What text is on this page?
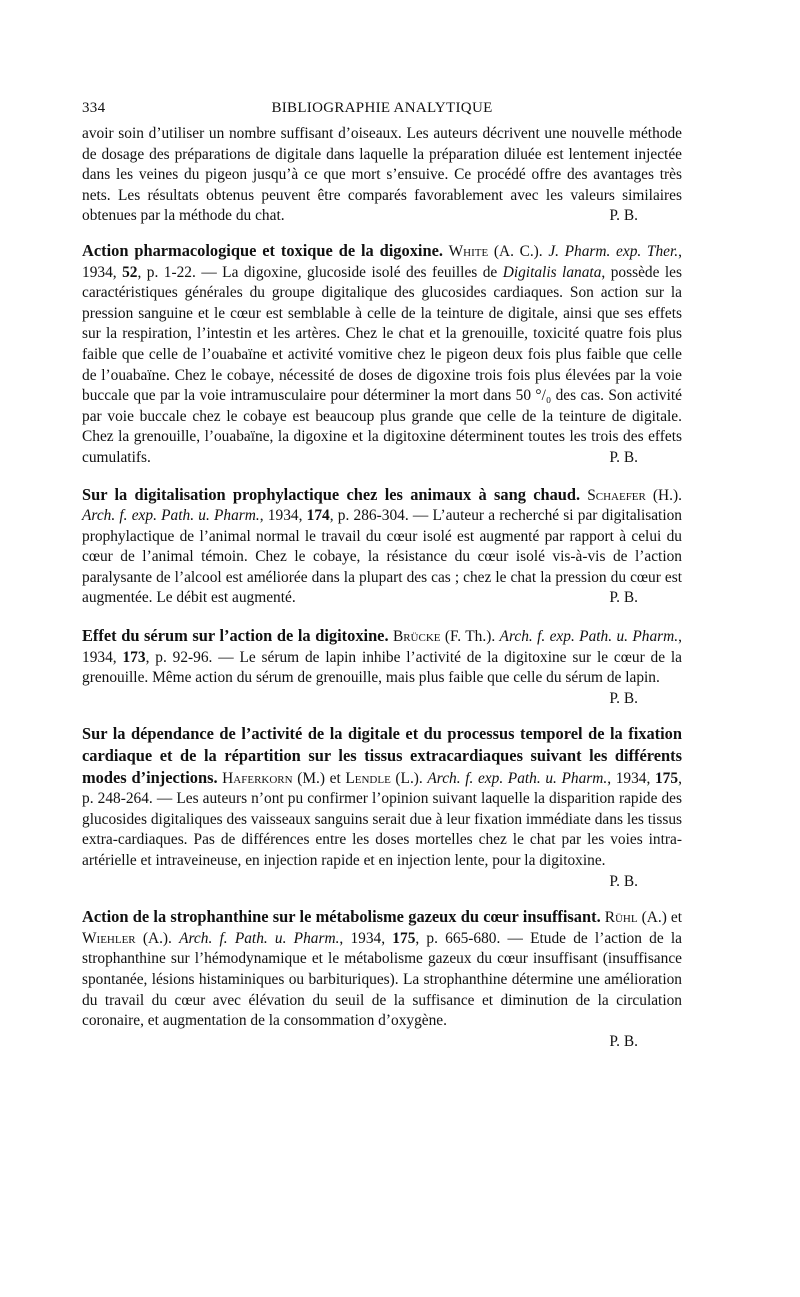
334	BIBLIOGRAPHIE ANALYTIQUE

avoir soin d’utiliser un nombre suffisant d’oiseaux. Les auteurs décrivent une nouvelle méthode de dosage des préparations de digitale dans laquelle la préparation diluée est lentement injectée dans les veines du pigeon jusqu’à ce que mort s’ensuive. Ce procédé offre des avantages très nets. Les résultats obtenus peuvent être comparés favorablement avec les valeurs similaires obtenues par la méthode du chat.	P. B.

Action pharmacologique et toxique de la digoxine. White (A. C.). J. Pharm. exp. Ther., 1934, 52, p. 1-22. — La digoxine, glucoside isolé des feuilles de Digitalis lanata, possède les caractéristiques générales du groupe digitalique des glucosides cardiaques. Son action sur la pression sanguine et le cœur est semblable à celle de la teinture de digitale, ainsi que ses effets sur la respiration, l’intestin et les artères. Chez le chat et la grenouille, toxicité quatre fois plus faible que celle de l’ouabaïne et activité vomitive chez le pigeon deux fois plus faible que celle de l’ouabaïne. Chez le cobaye, nécessité de doses de digoxine trois fois plus élevées par la voie buccale que par la voie intramusculaire pour déterminer la mort dans 50 °/₀ des cas. Son activité par voie buccale chez le cobaye est beaucoup plus grande que celle de la teinture de digitale. Chez la grenouille, l’ouabaïne, la digoxine et la digitoxine déterminent toutes les trois des effets cumulatifs.	P. B.

Sur la digitalisation prophylactique chez les animaux à sang chaud. Schaefer (H.). Arch. f. exp. Path. u. Pharm., 1934, 174, p. 286-304. — L’auteur a recherché si par digitalisation prophylactique de l’animal normal le travail du cœur isolé est augmenté par rapport à celui du cœur de l’animal témoin. Chez le cobaye, la résistance du cœur isolé vis-à-vis de l’action paralysante de l’alcool est améliorée dans la plupart des cas ; chez le chat la pression du cœur est augmentée. Le débit est augmenté.	P. B.

Effet du sérum sur l’action de la digitoxine. Brücke (F. Th.). Arch. f. exp. Path. u. Pharm., 1934, 173, p. 92-96. — Le sérum de lapin inhibe l’activité de la digitoxine sur le cœur de la grenouille. Même action du sérum de grenouille, mais plus faible que celle du sérum de lapin.
P. B.

Sur la dépendance de l’activité de la digitale et du processus temporel de la fixation cardiaque et de la répartition sur les tissus extracardiaques suivant les différents modes d’injections. Haferkorn (M.) et Lendle (L.). Arch. f. exp. Path. u. Pharm., 1934, 175, p. 248-264. — Les auteurs n’ont pu confirmer l’opinion suivant laquelle la disparition rapide des glucosides digitaliques des vaisseaux sanguins serait due à leur fixation immédiate dans les tissus extra-cardiaques. Pas de différences entre les doses mortelles chez le chat par les voies intra-artérielle et intraveineuse, en injection rapide et en injection lente, pour la digitoxine.
P. B.

Action de la strophanthine sur le métabolisme gazeux du cœur insuffisant. Rühl (A.) et Wiehler (A.). Arch. f. Path. u. Pharm., 1934, 175, p. 665-680. — Etude de l’action de la strophanthine sur l’hémodynamique et le métabolisme gazeux du cœur insuffisant (insuffisance spontanée, lésions histaminiques ou barbituriques). La strophanthine détermine une amélioration du travail du cœur avec élévation du seuil de la suffisance et diminution de la circulation coronaire, et augmentation de la consommation d’oxygène.
P. B.
